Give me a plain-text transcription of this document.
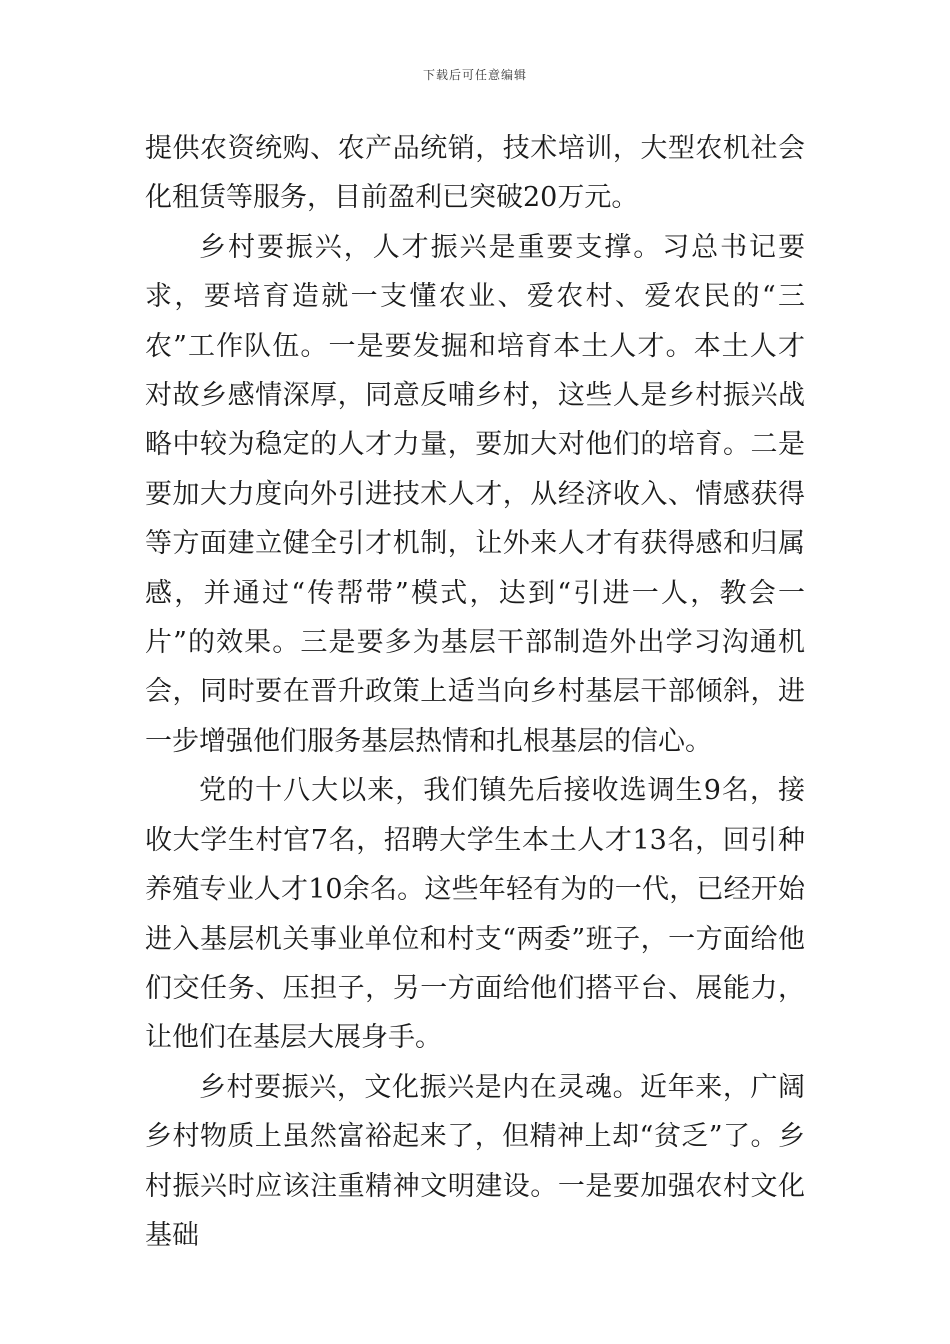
下载后可任意编辑

提供农资统购、农产品统销，技术培训，大型农机社会化租赁等服务，目前盈利已突破20万元。

乡村要振兴，人才振兴是重要支撑。习总书记要求，要培育造就一支懂农业、爱农村、爱农民的“三农”工作队伍。一是要发掘和培育本土人才。本土人才对故乡感情深厚，同意反哺乡村，这些人是乡村振兴战略中较为稳定的人才力量，要加大对他们的培育。二是要加大力度向外引进技术人才，从经济收入、情感获得等方面建立健全引才机制，让外来人才有获得感和归属感，并通过“传帮带”模式，达到“引进一人，教会一片”的效果。三是要多为基层干部制造外出学习沟通机会，同时要在晋升政策上适当向乡村基层干部倾斜，进一步增强他们服务基层热情和扎根基层的信心。

党的十八大以来，我们镇先后接收选调生9名，接收大学生村官7名，招聘大学生本土人才13名，回引种养殖专业人才10余名。这些年轻有为的一代，已经开始进入基层机关事业单位和村支“两委”班子，一方面给他们交任务、压担子，另一方面给他们搭平台、展能力，让他们在基层大展身手。

乡村要振兴，文化振兴是内在灵魂。近年来，广阔乡村物质上虽然富裕起来了，但精神上却“贫乏”了。乡村振兴时应该注重精神文明建设。一是要加强农村文化基础
